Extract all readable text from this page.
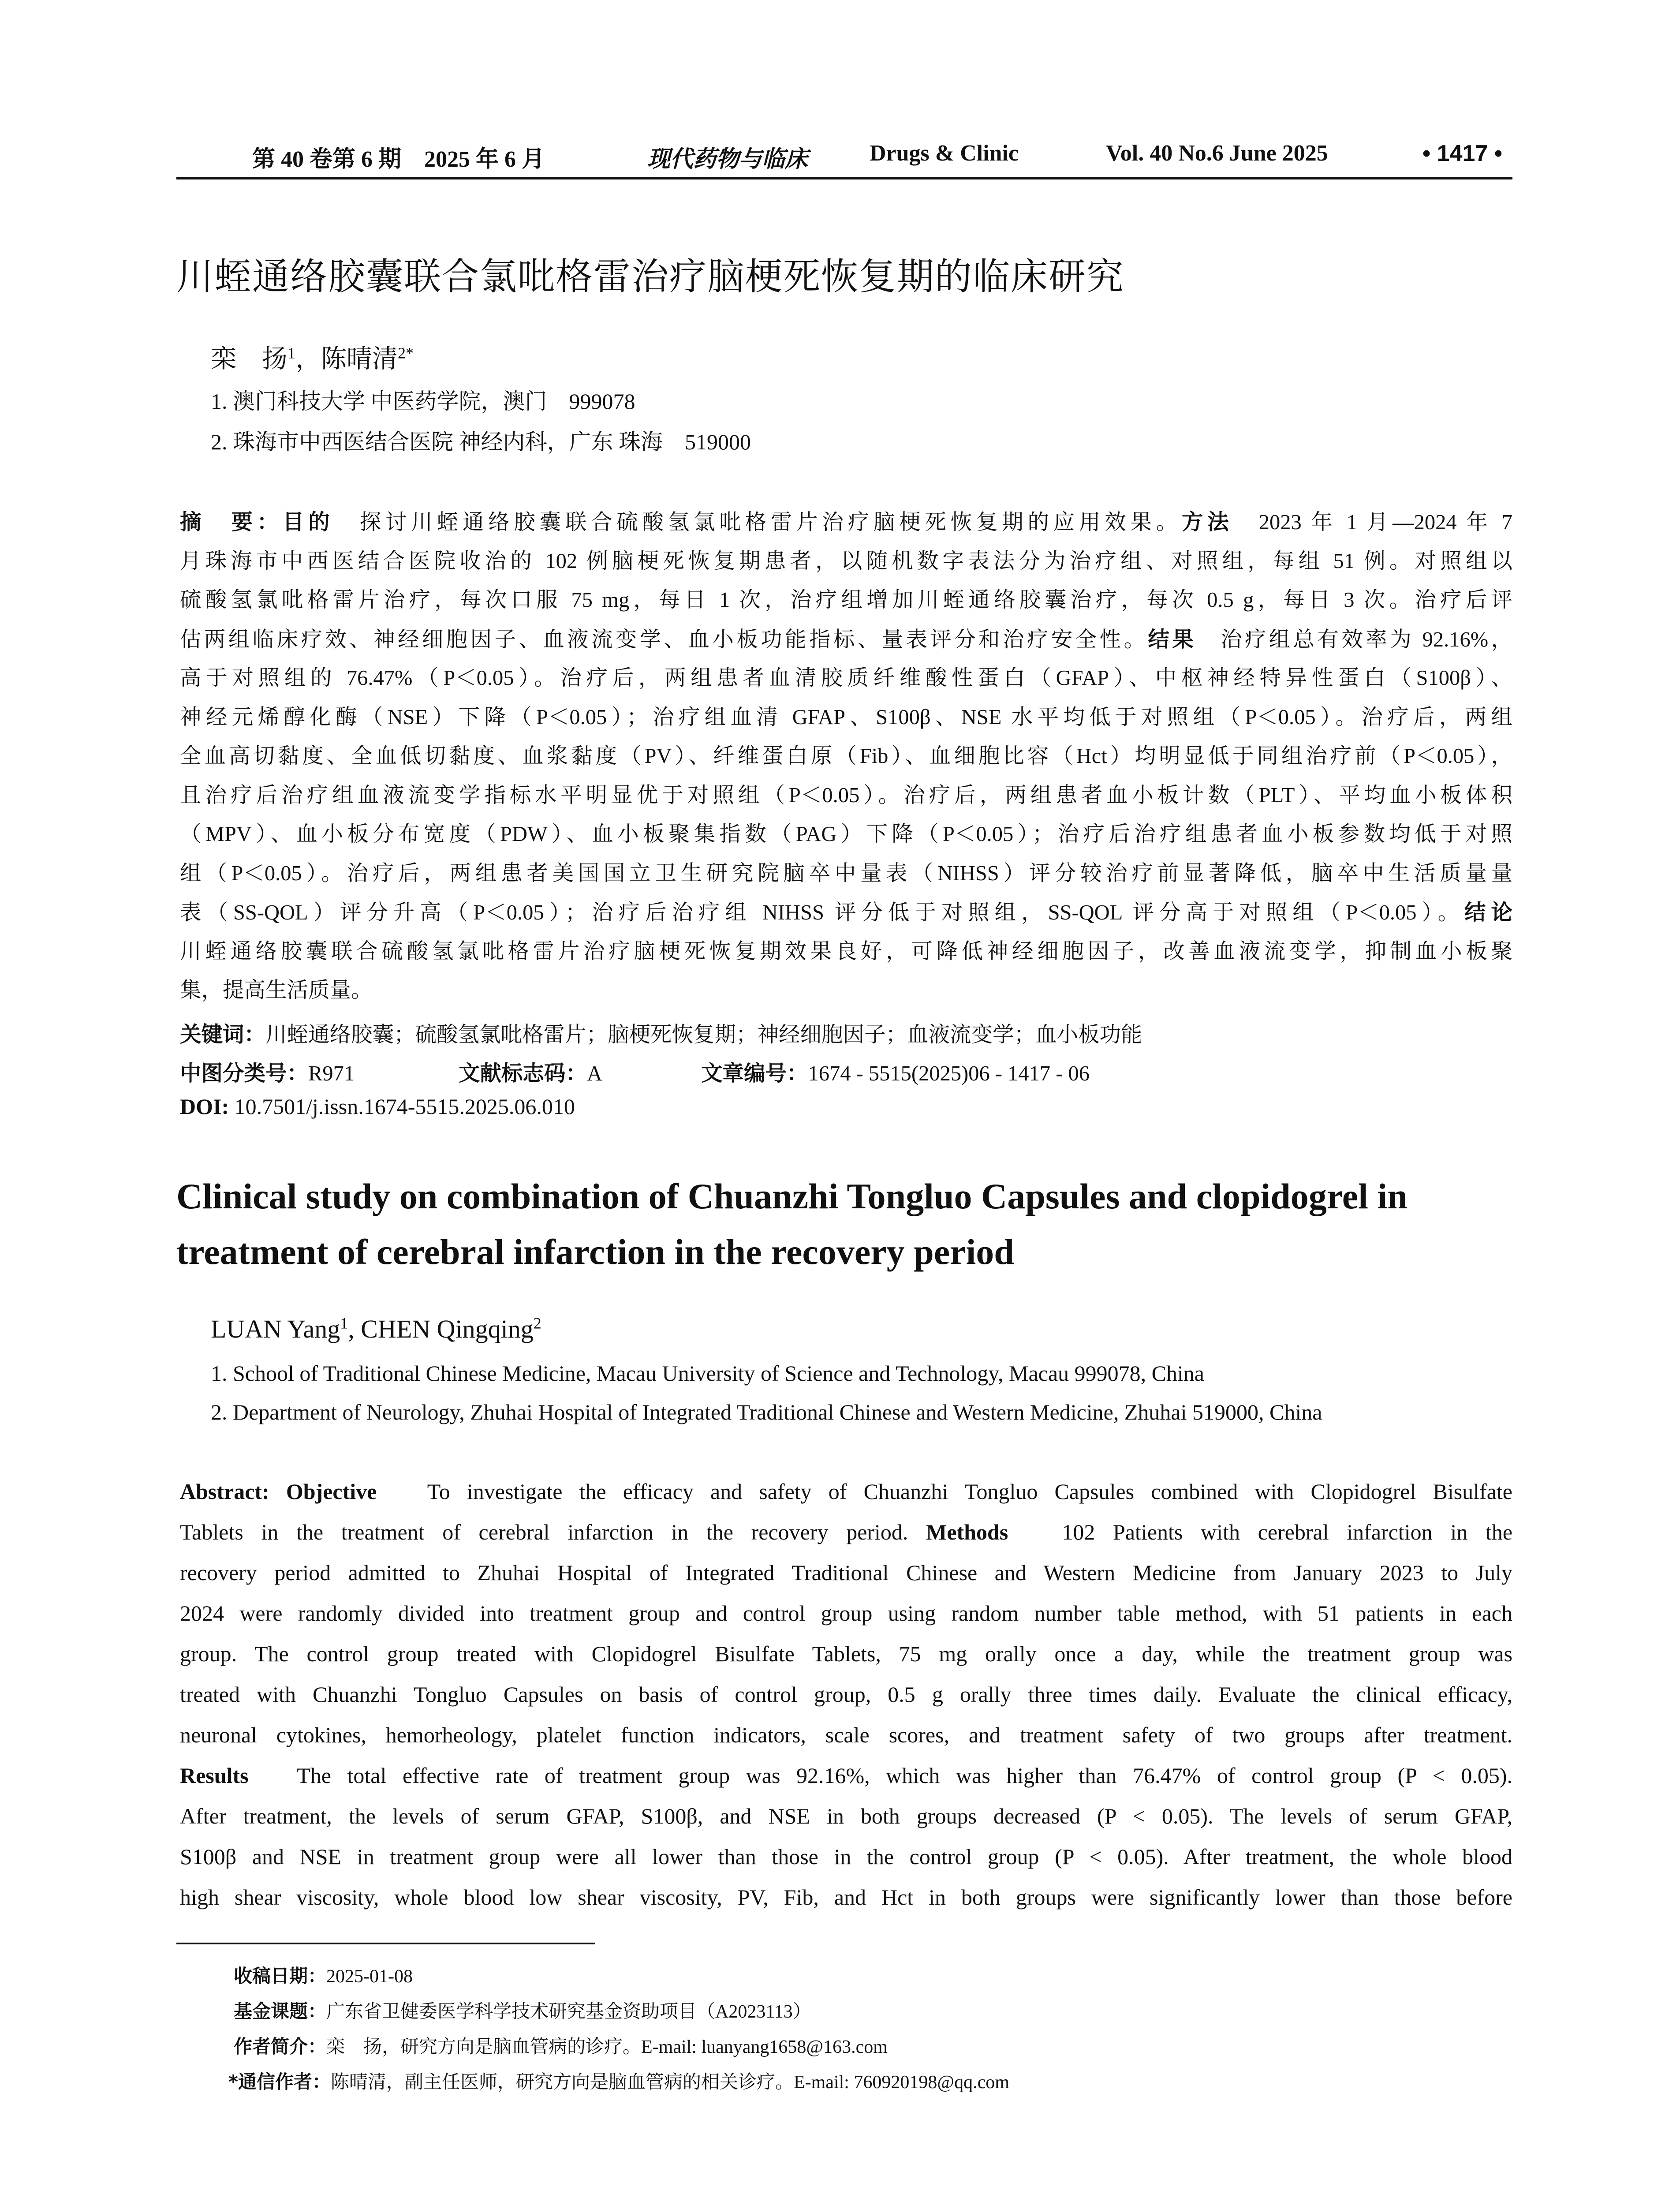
第 40 卷第 6 期　2025 年 6 月	现代药物与临床	Drugs & Clinic	Vol. 40 No.6 June 2025	• 1417 •
川蛭通络胶囊联合氯吡格雷治疗脑梗死恢复期的临床研究
栾　扬$^1$，陈晴清$^{2*}$
1. 澳门科技大学 中医药学院，澳门　999078
2. 珠海市中西医结合医院 神经内科，广东 珠海　519000
摘　要：目的　探讨川蛭通络胶囊联合硫酸氢氯吡格雷片治疗脑梗死恢复期的应用效果。方法　2023 年 1 月—2024 年 7
月珠海市中西医结合医院收治的 102 例脑梗死恢复期患者，以随机数字表法分为治疗组、对照组，每组 51 例。对照组以
硫酸氢氯吡格雷片治疗，每次口服 75 mg，每日 1 次，治疗组增加川蛭通络胶囊治疗，每次 0.5 g，每日 3 次。治疗后评
估两组临床疗效、神经细胞因子、血液流变学、血小板功能指标、量表评分和治疗安全性。结果　治疗组总有效率为 92.16%，
高于对照组的 76.47%（P＜0.05）。治疗后，两组患者血清胶质纤维酸性蛋白（GFAP）、中枢神经特异性蛋白（S100β）、
神经元烯醇化酶（NSE）下降（P＜0.05）；治疗组血清 GFAP、S100β、NSE 水平均低于对照组（P＜0.05）。治疗后，两组
全血高切黏度、全血低切黏度、血浆黏度（PV）、纤维蛋白原（Fib）、血细胞比容（Hct）均明显低于同组治疗前（P＜0.05），
且治疗后治疗组血液流变学指标水平明显优于对照组（P＜0.05）。治疗后，两组患者血小板计数（PLT）、平均血小板体积
（MPV）、血小板分布宽度（PDW）、血小板聚集指数（PAG）下降（P＜0.05）；治疗后治疗组患者血小板参数均低于对照
组（P＜0.05）。治疗后，两组患者美国国立卫生研究院脑卒中量表（NIHSS）评分较治疗前显著降低，脑卒中生活质量量
表（SS-QOL）评分升高（P＜0.05）；治疗后治疗组 NIHSS 评分低于对照组，SS-QOL 评分高于对照组（P＜0.05）。结论
川蛭通络胶囊联合硫酸氢氯吡格雷片治疗脑梗死恢复期效果良好，可降低神经细胞因子，改善血液流变学，抑制血小板聚
集，提高生活质量。
关键词：川蛭通络胶囊；硫酸氢氯吡格雷片；脑梗死恢复期；神经细胞因子；血液流变学；血小板功能
中图分类号：R971	文献标志码：A	文章编号：1674 - 5515(2025)06 - 1417 - 06
DOI: 10.7501/j.issn.1674-5515.2025.06.010
Clinical study on combination of Chuanzhi Tongluo Capsules and clopidogrel in
treatment of cerebral infarction in the recovery period
LUAN Yang$^1$, CHEN Qingqing$^2$
1. School of Traditional Chinese Medicine, Macau University of Science and Technology, Macau 999078, China
2. Department of Neurology, Zhuhai Hospital of Integrated Traditional Chinese and Western Medicine, Zhuhai 519000, China
Abstract: Objective To investigate the efficacy and safety of Chuanzhi Tongluo Capsules combined with Clopidogrel Bisulfate
Tablets in the treatment of cerebral infarction in the recovery period. Methods 102 Patients with cerebral infarction in the
recovery period admitted to Zhuhai Hospital of Integrated Traditional Chinese and Western Medicine from January 2023 to July
2024 were randomly divided into treatment group and control group using random number table method, with 51 patients in each
group. The control group treated with Clopidogrel Bisulfate Tablets, 75 mg orally once a day, while the treatment group was
treated with Chuanzhi Tongluo Capsules on basis of control group, 0.5 g orally three times daily. Evaluate the clinical efficacy,
neuronal cytokines, hemorheology, platelet function indicators, scale scores, and treatment safety of two groups after treatment.
Results The total effective rate of treatment group was 92.16%, which was higher than 76.47% of control group (P < 0.05).
After treatment, the levels of serum GFAP, S100β, and NSE in both groups decreased (P < 0.05). The levels of serum GFAP,
S100β and NSE in treatment group were all lower than those in the control group (P < 0.05). After treatment, the whole blood
high shear viscosity, whole blood low shear viscosity, PV, Fib, and Hct in both groups were significantly lower than those before
收稿日期：2025-01-08
基金课题：广东省卫健委医学科学技术研究基金资助项目（A2023113）
作者简介：栾　扬，研究方向是脑血管病的诊疗。E-mail: luanyang1658@163.com
*通信作者：陈晴清，副主任医师，研究方向是脑血管病的相关诊疗。E-mail: 760920198@qq.com
